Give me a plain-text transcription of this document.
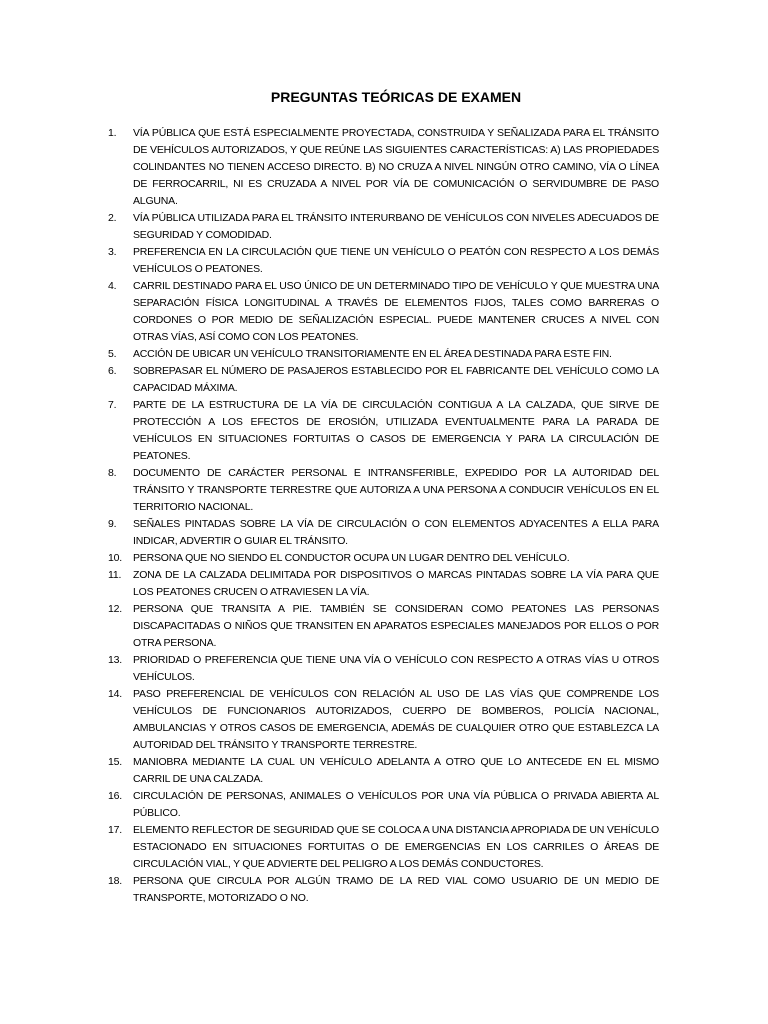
PREGUNTAS TEÓRICAS DE EXAMEN
1.	VÍA PÚBLICA QUE ESTÁ ESPECIALMENTE PROYECTADA, CONSTRUIDA Y SEÑALIZADA PARA EL TRÁNSITO DE VEHÍCULOS AUTORIZADOS, Y QUE REÚNE LAS SIGUIENTES CARACTERÍSTICAS: A) LAS PROPIEDADES COLINDANTES NO TIENEN ACCESO DIRECTO. B) NO CRUZA A NIVEL NINGÚN OTRO CAMINO, VÍA O LÍNEA DE FERROCARRIL, NI ES CRUZADA A NIVEL POR VÍA DE COMUNICACIÓN O SERVIDUMBRE DE PASO ALGUNA.
2.	VÍA PÚBLICA UTILIZADA PARA EL TRÁNSITO INTERURBANO DE VEHÍCULOS CON NIVELES ADECUADOS DE SEGURIDAD Y COMODIDAD.
3.	PREFERENCIA EN LA CIRCULACIÓN QUE TIENE UN VEHÍCULO O PEATÓN CON RESPECTO A LOS DEMÁS VEHÍCULOS O PEATONES.
4.	CARRIL DESTINADO PARA EL USO ÚNICO DE UN DETERMINADO TIPO DE VEHÍCULO Y QUE MUESTRA UNA SEPARACIÓN FÍSICA LONGITUDINAL A TRAVÉS DE ELEMENTOS FIJOS, TALES COMO BARRERAS O CORDONES O POR MEDIO DE SEÑALIZACIÓN ESPECIAL. PUEDE MANTENER CRUCES A NIVEL CON OTRAS VÍAS, ASÍ COMO CON LOS PEATONES.
5.	ACCIÓN DE UBICAR UN VEHÍCULO TRANSITORIAMENTE EN EL ÁREA DESTINADA PARA ESTE FIN.
6.	SOBREPASAR EL NÚMERO DE PASAJEROS ESTABLECIDO POR EL FABRICANTE DEL VEHÍCULO COMO LA CAPACIDAD MÁXIMA.
7.	PARTE DE LA ESTRUCTURA DE LA VÍA DE CIRCULACIÓN CONTIGUA A LA CALZADA, QUE SIRVE DE PROTECCIÓN A LOS EFECTOS DE EROSIÓN, UTILIZADA EVENTUALMENTE PARA LA PARADA DE VEHÍCULOS EN SITUACIONES FORTUITAS O CASOS DE EMERGENCIA Y PARA LA CIRCULACIÓN DE PEATONES.
8.	DOCUMENTO DE CARÁCTER PERSONAL E INTRANSFERIBLE, EXPEDIDO POR LA AUTORIDAD DEL TRÁNSITO Y TRANSPORTE TERRESTRE QUE AUTORIZA A UNA PERSONA A CONDUCIR VEHÍCULOS EN EL TERRITORIO NACIONAL.
9.	SEÑALES PINTADAS SOBRE LA VÍA DE CIRCULACIÓN O CON ELEMENTOS ADYACENTES A ELLA PARA INDICAR, ADVERTIR O GUIAR EL TRÁNSITO.
10.	PERSONA QUE NO SIENDO EL CONDUCTOR OCUPA UN LUGAR DENTRO DEL VEHÍCULO.
11.	ZONA DE LA CALZADA DELIMITADA POR DISPOSITIVOS O MARCAS PINTADAS SOBRE LA VÍA PARA QUE LOS PEATONES CRUCEN O ATRAVIESEN LA VÍA.
12.	PERSONA QUE TRANSITA A PIE. TAMBIÉN SE CONSIDERAN COMO PEATONES LAS PERSONAS DISCAPACITADAS O NIÑOS QUE TRANSITEN EN APARATOS ESPECIALES MANEJADOS POR ELLOS O POR OTRA PERSONA.
13.	PRIORIDAD O PREFERENCIA QUE TIENE UNA VÍA O VEHÍCULO CON RESPECTO A OTRAS VÍAS U OTROS VEHÍCULOS.
14.	PASO PREFERENCIAL DE VEHÍCULOS CON RELACIÓN AL USO DE LAS VÍAS QUE COMPRENDE LOS VEHÍCULOS DE FUNCIONARIOS AUTORIZADOS, CUERPO DE BOMBEROS, POLICÍA NACIONAL, AMBULANCIAS Y OTROS CASOS DE EMERGENCIA, ADEMÁS DE CUALQUIER OTRO QUE ESTABLEZCA LA AUTORIDAD DEL TRÁNSITO Y TRANSPORTE TERRESTRE.
15.	MANIOBRA MEDIANTE LA CUAL UN VEHÍCULO ADELANTA A OTRO QUE LO ANTECEDE EN EL MISMO CARRIL DE UNA CALZADA.
16.	CIRCULACIÓN DE PERSONAS, ANIMALES O VEHÍCULOS POR UNA VÍA PÚBLICA O PRIVADA ABIERTA AL PÚBLICO.
17.	ELEMENTO REFLECTOR DE SEGURIDAD QUE SE COLOCA A UNA DISTANCIA APROPIADA DE UN VEHÍCULO ESTACIONADO EN SITUACIONES FORTUITAS O DE EMERGENCIAS EN LOS CARRILES O ÁREAS DE CIRCULACIÓN VIAL, Y QUE ADVIERTE DEL PELIGRO A LOS DEMÁS CONDUCTORES.
18.	PERSONA QUE CIRCULA POR ALGÚN TRAMO DE LA RED VIAL COMO USUARIO DE UN MEDIO DE TRANSPORTE, MOTORIZADO O NO.
